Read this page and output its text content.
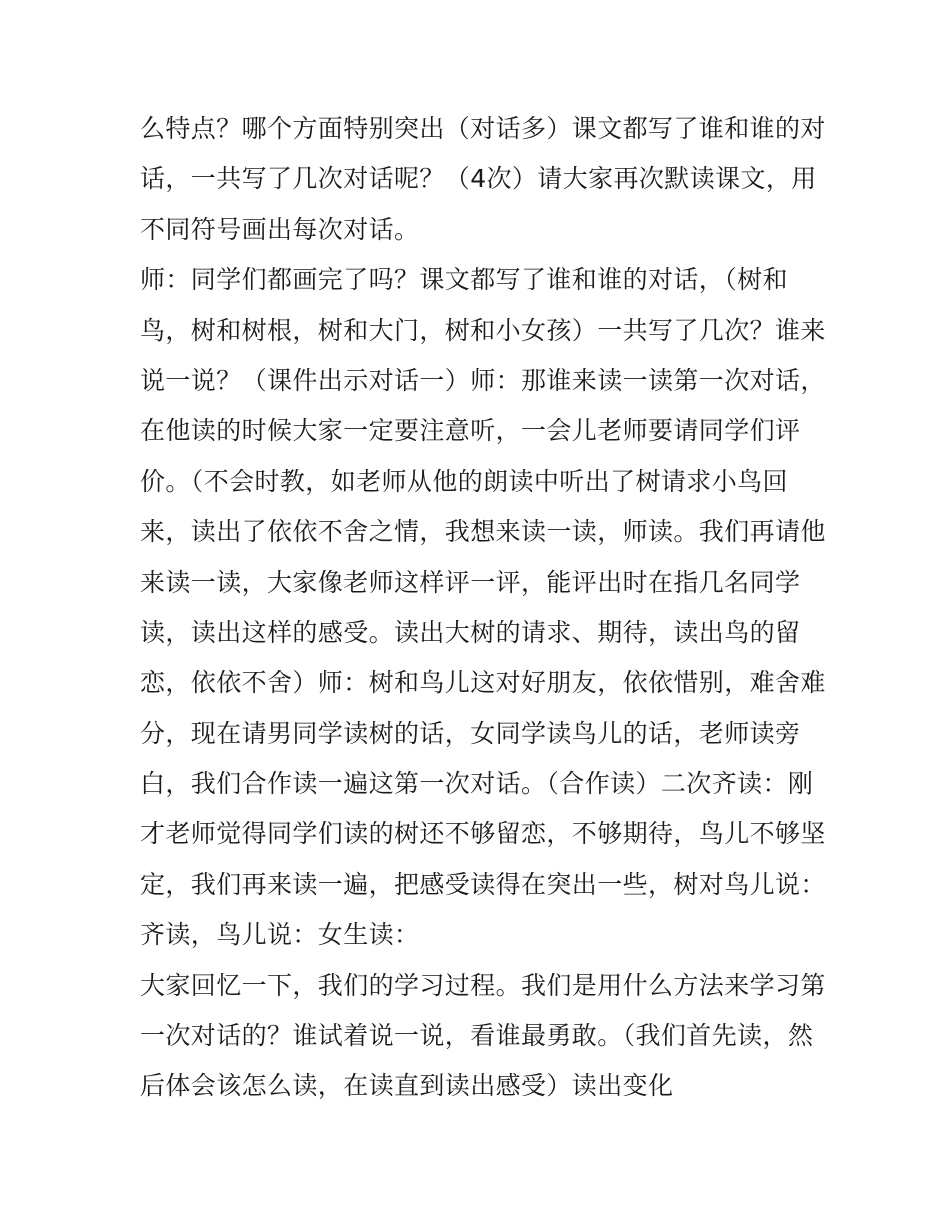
么特点？哪个方面特别突出（对话多）课文都写了谁和谁的对
话，一共写了几次对话呢？（4次）请大家再次默读课文，用
不同符号画出每次对话。
师：同学们都画完了吗？课文都写了谁和谁的对话，（树和
鸟，树和树根，树和大门，树和小女孩）一共写了几次？谁来
说一说？（课件出示对话一）师：那谁来读一读第一次对话，
在他读的时候大家一定要注意听，一会儿老师要请同学们评
价。（不会时教，如老师从他的朗读中听出了树请求小鸟回
来，读出了依依不舍之情，我想来读一读，师读。我们再请他
来读一读，大家像老师这样评一评，能评出时在指几名同学
读，读出这样的感受。读出大树的请求、期待，读出鸟的留
恋，依依不舍）师：树和鸟儿这对好朋友，依依惜别，难舍难
分，现在请男同学读树的话，女同学读鸟儿的话，老师读旁
白，我们合作读一遍这第一次对话。（合作读）二次齐读：刚
才老师觉得同学们读的树还不够留恋，不够期待，鸟儿不够坚
定，我们再来读一遍，把感受读得在突出一些，树对鸟儿说：
齐读，鸟儿说：女生读：
大家回忆一下，我们的学习过程。我们是用什么方法来学习第
一次对话的？谁试着说一说，看谁最勇敢。（我们首先读，然
后体会该怎么读，在读直到读出感受）读出变化
